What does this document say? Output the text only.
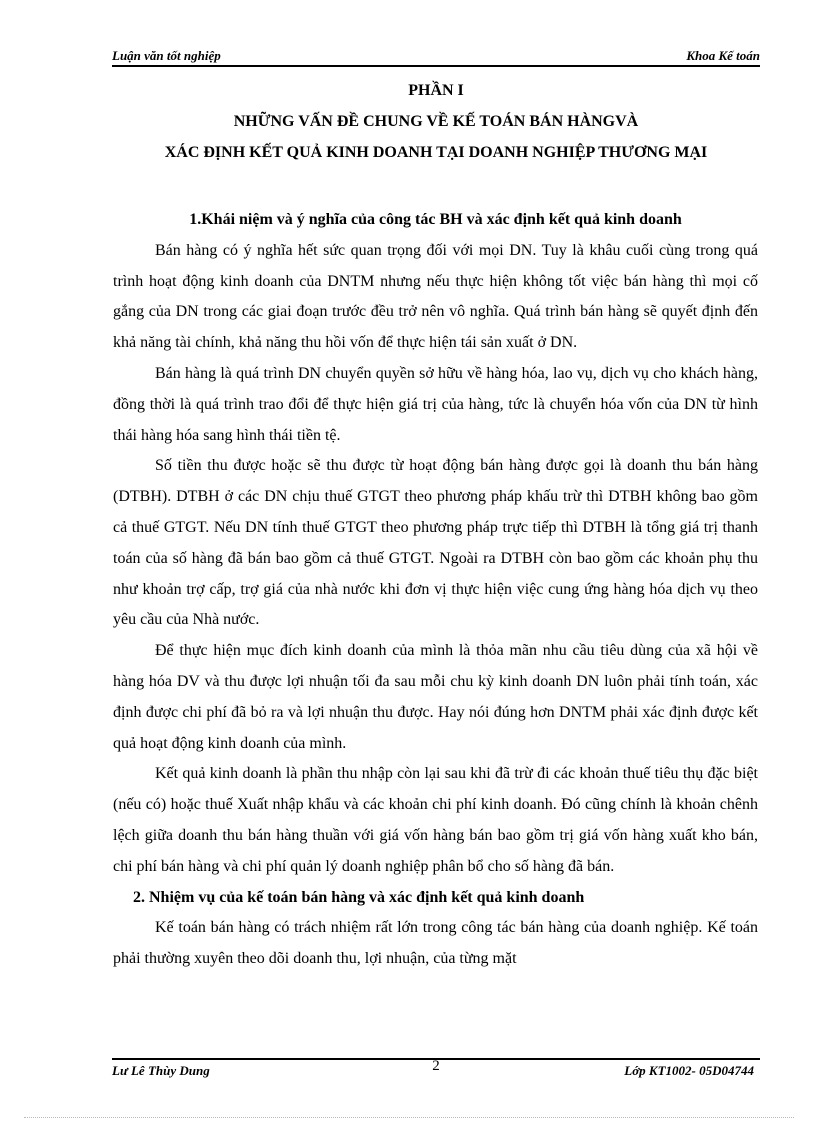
Luận văn tốt nghiệp	Khoa Kế toán
PHẦN I
NHỮNG VẤN ĐỀ CHUNG VỀ KẾ TOÁN BÁN HÀNGVÀ
XÁC ĐỊNH KẾT QUẢ KINH DOANH TẠI DOANH NGHIỆP THƯƠNG MẠI
1.Khái niệm và ý nghĩa của công tác BH và xác định kết quả kinh doanh

Bán hàng có ý nghĩa hết sức quan trọng đối với mọi DN. Tuy là khâu cuối cùng trong quá trình hoạt động kinh doanh của DNTM nhưng nếu thực hiện không tốt việc bán hàng thì mọi cố gắng của DN trong các giai đoạn trước đều trở nên vô nghĩa. Quá trình bán hàng sẽ quyết định đến khả năng tài chính, khả năng thu hồi vốn để thực hiện tái sản xuất ở DN.

Bán hàng là quá trình DN chuyển quyền sở hữu về hàng hóa, lao vụ, dịch vụ cho khách hàng, đồng thời là quá trình trao đổi để thực hiện giá trị của hàng, tức là chuyển hóa vốn của DN từ hình thái hàng hóa sang hình thái tiền tệ.

Số tiền thu được hoặc sẽ thu được từ hoạt động bán hàng được gọi là doanh thu bán hàng (DTBH). DTBH ở các DN chịu thuế GTGT theo phương pháp khấu trừ thì DTBH không bao gồm cả thuế GTGT. Nếu DN tính thuế GTGT theo phương pháp trực tiếp thì DTBH là tổng giá trị thanh toán của số hàng đã bán bao gồm cả thuế GTGT. Ngoài ra DTBH còn bao gồm các khoản phụ thu như khoản trợ cấp, trợ giá của nhà nước khi đơn vị thực hiện việc cung ứng hàng hóa dịch vụ theo yêu cầu của Nhà nước.

Để thực hiện mục đích kinh doanh của mình là thỏa mãn nhu cầu tiêu dùng của xã hội về hàng hóa DV và thu được lợi nhuận tối đa sau mỗi chu kỳ kinh doanh DN luôn phải tính toán, xác định được chi phí đã bỏ ra và lợi nhuận thu được. Hay nói đúng hơn DNTM phải xác định được kết quả hoạt động kinh doanh của mình.

Kết quả kinh doanh là phần thu nhập còn lại sau khi đã trừ đi các khoản thuế tiêu thụ đặc biệt (nếu có) hoặc thuế Xuất nhập khẩu và các khoản chi phí kinh doanh. Đó cũng chính là khoản chênh lệch giữa doanh thu bán hàng thuần với giá vốn hàng bán bao gồm trị giá vốn hàng xuất kho bán, chi phí bán hàng và chi phí quản lý doanh nghiệp phân bổ cho số hàng đã bán.

2. Nhiệm vụ của kế toán bán hàng và xác định kết quả kinh doanh

Kế toán bán hàng có trách nhiệm rất lớn trong công tác bán hàng của doanh nghiệp. Kế toán phải thường xuyên theo dõi doanh thu, lợi nhuận, của từng mặt

Lư Lê Thùy Dung	2	Lớp KT1002- 05D04744
